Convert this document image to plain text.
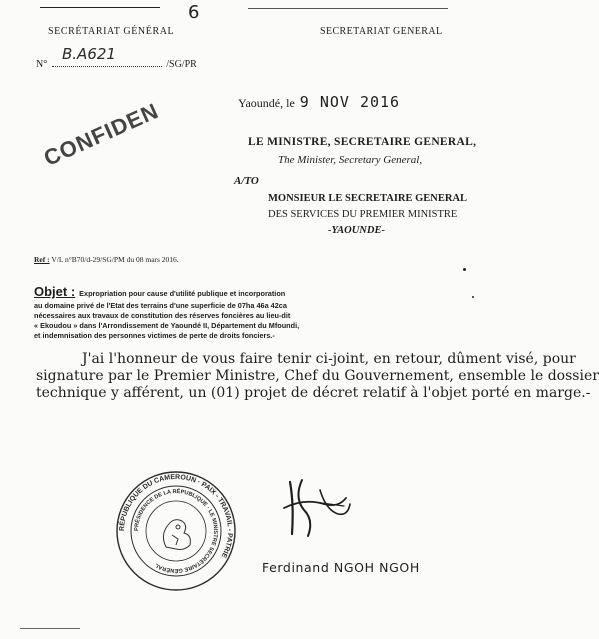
6
SECRÉTARIAT GÉNÉRAL	SECRETARIAT GENERAL
B.A621
N°	/SG/PR
Yaoundé, le 9 NOV 2016
CONFIDEN	LE MINISTRE, SECRETAIRE GENERAL,
The Minister, Secretary General,
A/TO
MONSIEUR LE SECRETAIRE GENERAL
DES SERVICES DU PREMIER MINISTRE
-YAOUNDE-
Ref : V/L n°B70/d-29/SG/PM du 08 mars 2016.
Objet : Expropriation pour cause d'utilité publique et incorporation
au domaine privé de l'Etat des terrains d'une superficie de 07ha 46a 42ca
nécessaires aux travaux de constitution des réserves foncières au lieu-dit
« Ekoudou » dans l'Arrondissement de Yaoundé II, Département du Mfoundi,
et indemnisation des personnes victimes de perte de droits fonciers.-
J'ai l'honneur de vous faire tenir ci-joint, en retour, dûment visé, pour
signature par le Premier Ministre, Chef du Gouvernement, ensemble le dossier
technique y afférent, un (01) projet de décret relatif à l'objet porté en marge.-
RÉPUBLIQUE DU CAMEROUN · PAIX - TRAVAIL - PATRIE
PRÉSIDENCE DE LA RÉPUBLIQUE · LE MINISTRE SECRÉTAIRE GÉNÉRAL	Ferdinand NGOH NGOH
